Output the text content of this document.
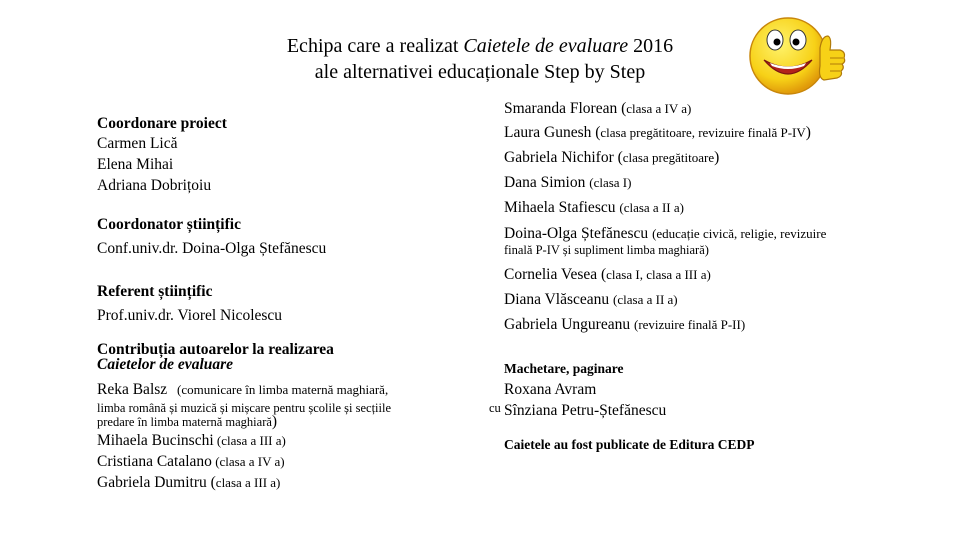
Echipa care a realizat Caietele de evaluare 2016
ale alternativei educaționale Step by Step
Coordonare proiect
Carmen Lică
Elena Mihai
Adriana Dobrițoiu
Coordonator științific
Conf.univ.dr. Doina-Olga Ștefănescu
Referent științific
Prof.univ.dr. Viorel Nicolescu
Contribuția autoarelor la realizarea
Caietelor de evaluare
Reka Balsz (comunicare în limba maternă maghiară,
limba română și muzică și mișcare pentru școlile și secțiile	cu
predare în limba maternă maghiară)
Mihaela Bucinschi (clasa a III a)
Cristiana Catalano (clasa a IV a)
Gabriela Dumitru (clasa a III a)
Smaranda Florean (clasa a IV a)
Laura Gunesh (clasa pregătitoare, revizuire finală P-IV)
Gabriela Nichifor (clasa pregătitoare)
Dana Simion (clasa I)
Mihaela Stafiescu (clasa a II a)
Doina-Olga Ștefănescu (educație civică, religie, revizuire
finală P-IV și supliment limba maghiară)
Cornelia Vesea (clasa I, clasa a III a)
Diana Vlăsceanu (clasa a II a)
Gabriela Ungureanu (revizuire finală P-II)
Machetare, paginare
Roxana Avram
Sînziana Petru-Ștefănescu
Caietele au fost publicate de Editura CEDP
